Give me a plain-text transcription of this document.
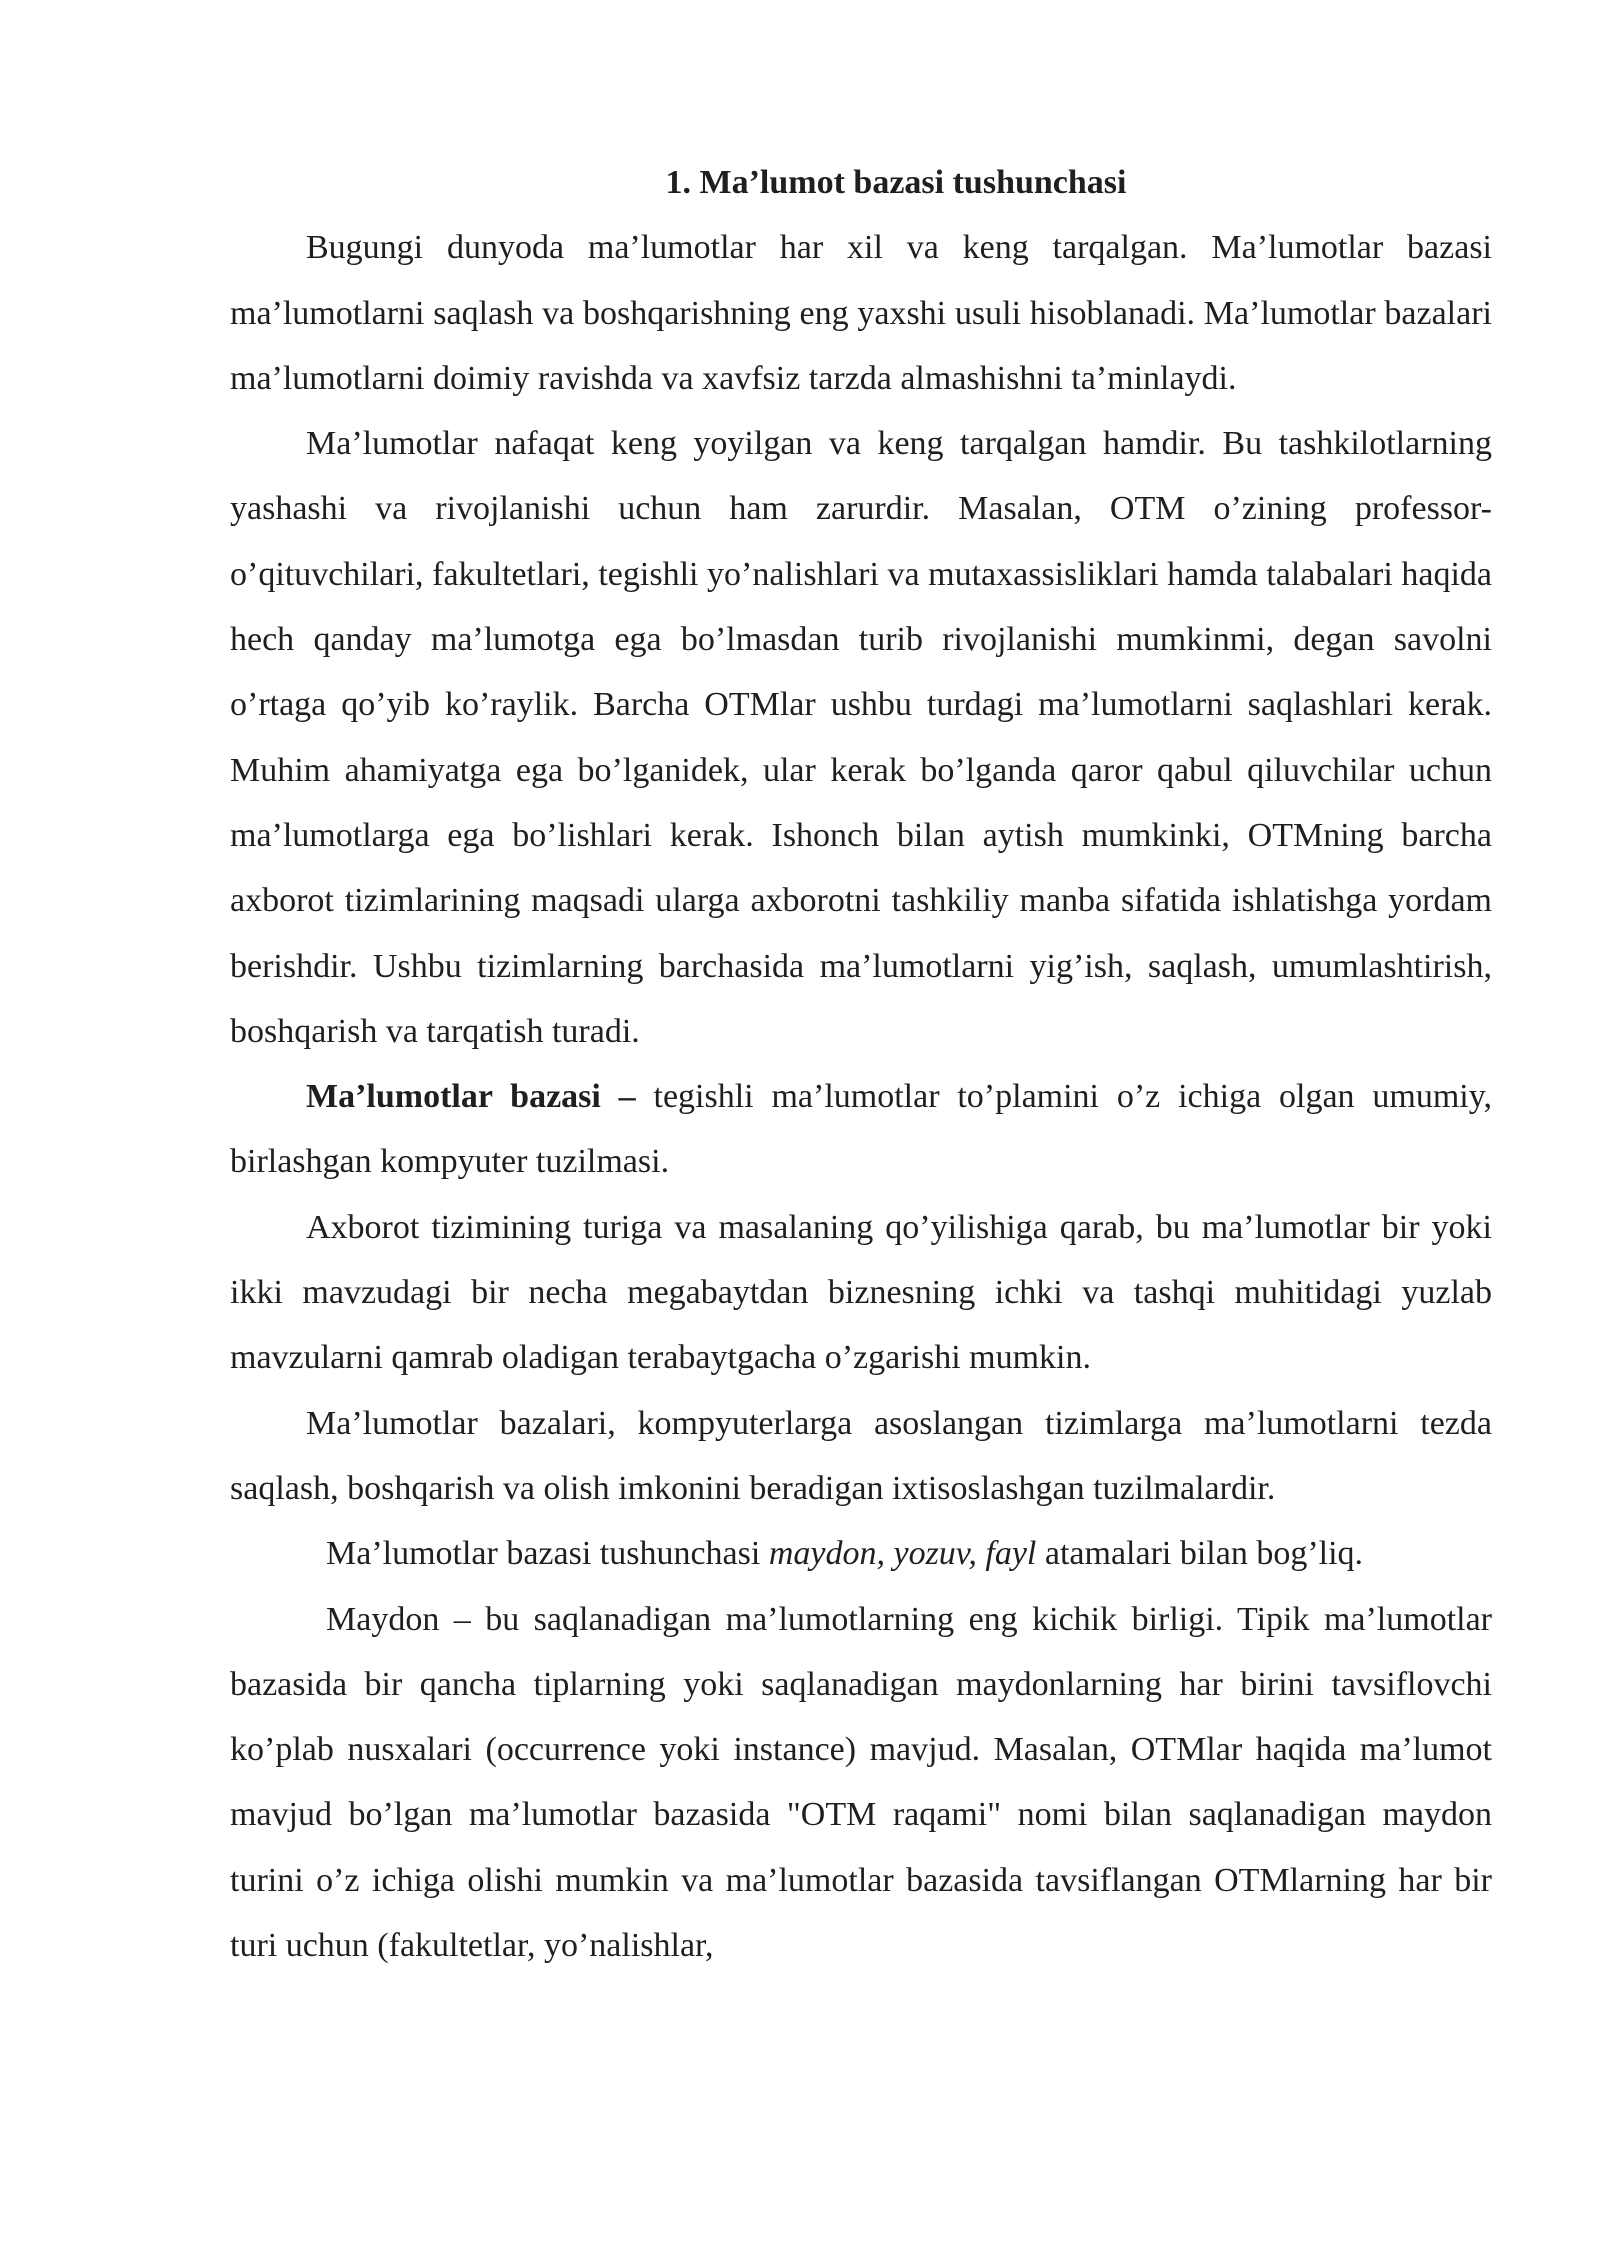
1. Ma’lumot bazasi tushunchasi

Bugungi dunyoda ma’lumotlar har xil va keng tarqalgan. Ma’lumotlar bazasi ma’lumotlarni saqlash va boshqarishning eng yaxshi usuli hisoblanadi. Ma’lumotlar bazalari ma’lumotlarni doimiy ravishda va xavfsiz tarzda almashishni ta’minlaydi.

Ma’lumotlar nafaqat keng yoyilgan va keng tarqalgan hamdir. Bu tashkilotlarning yashashi va rivojlanishi uchun ham zarurdir. Masalan, OTM o’zining professor-o’qituvchilari, fakultetlari, tegishli yo’nalishlari va mutaxassisliklari hamda talabalari haqida hech qanday ma’lumotga ega bo’lmasdan turib rivojlanishi mumkinmi, degan savolni o’rtaga qo’yib ko’raylik. Barcha OTMlar ushbu turdagi ma’lumotlarni saqlashlari kerak. Muhim ahamiyatga ega bo’lganidek, ular kerak bo’lganda qaror qabul qiluvchilar uchun ma’lumotlarga ega bo’lishlari kerak. Ishonch bilan aytish mumkinki, OTMning barcha axborot tizimlarining maqsadi ularga axborotni tashkiliy manba sifatida ishlatishga yordam berishdir. Ushbu tizimlarning barchasida ma’lumotlarni yig’ish, saqlash, umumlashtirish, boshqarish va tarqatish turadi.

Ma’lumotlar bazasi – tegishli ma’lumotlar to’plamini o’z ichiga olgan umumiy, birlashgan kompyuter tuzilmasi.

Axborot tizimining turiga va masalaning qo’yilishiga qarab, bu ma’lumotlar bir yoki ikki mavzudagi bir necha megabaytdan biznesning ichki va tashqi muhitidagi yuzlab mavzularni qamrab oladigan terabaytgacha o’zgarishi mumkin.

Ma’lumotlar bazalari, kompyuterlarga asoslangan tizimlarga ma’lumotlarni tezda saqlash, boshqarish va olish imkonini beradigan ixtisoslashgan tuzilmalardir.

Ma’lumotlar bazasi tushunchasi maydon, yozuv, fayl atamalari bilan bog’liq.

Maydon – bu saqlanadigan ma’lumotlarning eng kichik birligi. Tipik ma’lumotlar bazasida bir qancha tiplarning yoki saqlanadigan maydonlarning har birini tavsiflovchi ko’plab nusxalari (occurrence yoki instance) mavjud. Masalan, OTMlar haqida ma’lumot mavjud bo’lgan ma’lumotlar bazasida "OTM raqami" nomi bilan saqlanadigan maydon turini o’z ichiga olishi mumkin va ma’lumotlar bazasida tavsiflangan OTMlarning har bir turi uchun (fakultetlar, yo’nalishlar,
